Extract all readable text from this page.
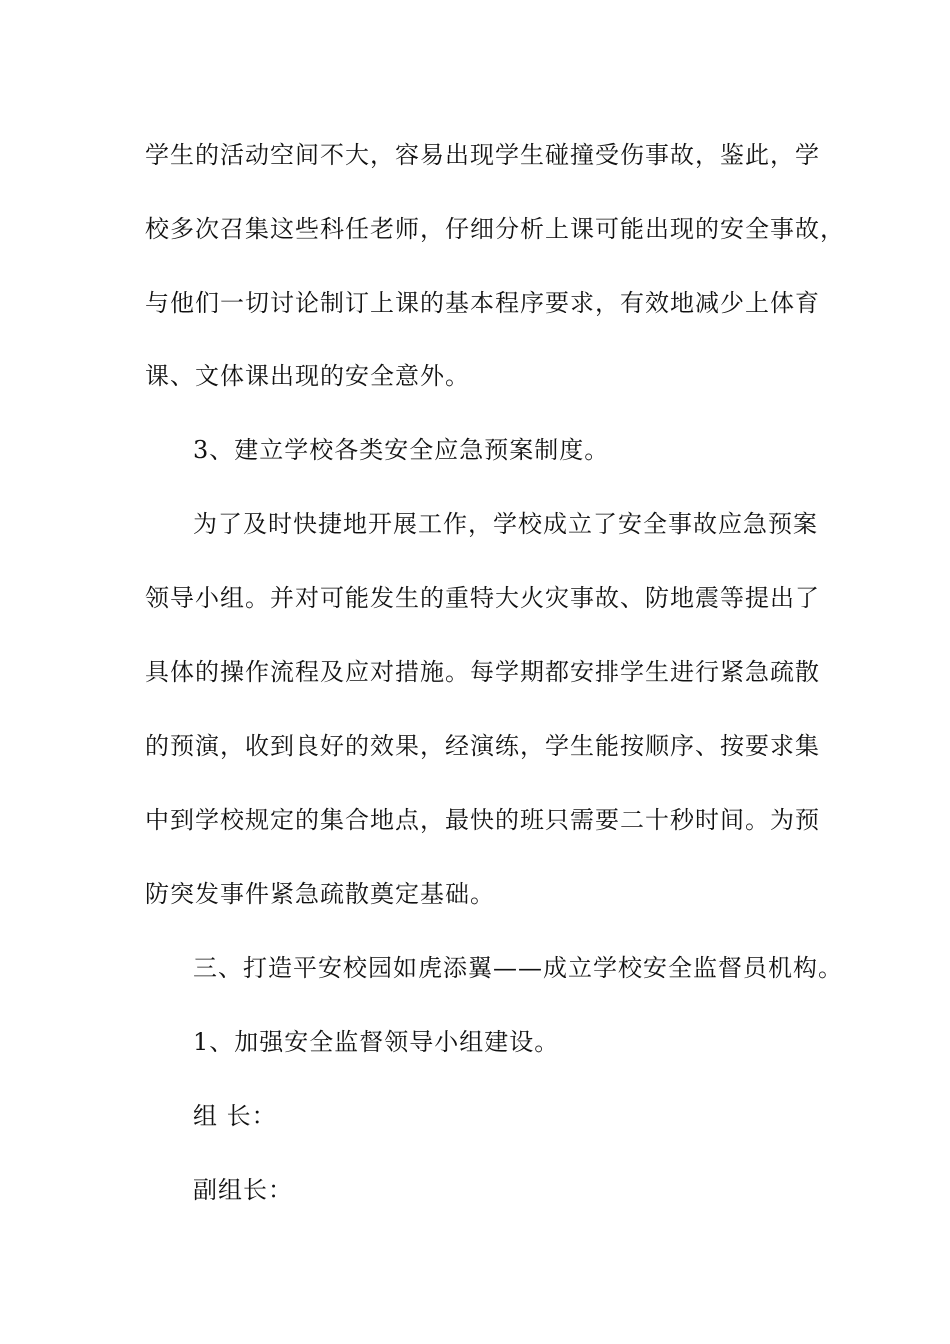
学生的活动空间不大，容易出现学生碰撞受伤事故，鉴此，学
校多次召集这些科任老师，仔细分析上课可能出现的安全事故，
与他们一切讨论制订上课的基本程序要求，有效地减少上体育
课、文体课出现的安全意外。
3、建立学校各类安全应急预案制度。
为了及时快捷地开展工作，学校成立了安全事故应急预案
领导小组。并对可能发生的重特大火灾事故、防地震等提出了
具体的操作流程及应对措施。每学期都安排学生进行紧急疏散
的预演，收到良好的效果，经演练，学生能按顺序、按要求集
中到学校规定的集合地点，最快的班只需要二十秒时间。为预
防突发事件紧急疏散奠定基础。
三、打造平安校园如虎添翼——成立学校安全监督员机构。
1、加强安全监督领导小组建设。
组 长：
副组长：
